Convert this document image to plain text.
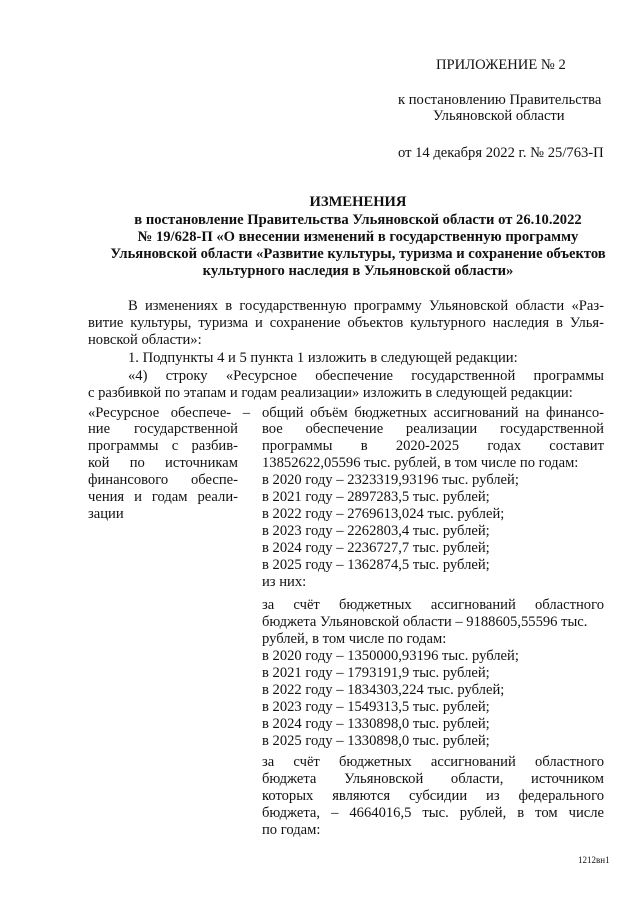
ПРИЛОЖЕНИЕ № 2
к постановлению Правительства
Ульяновской области
от 14 декабря 2022 г. № 25/763-П
ИЗМЕНЕНИЯ
в постановление Правительства Ульяновской области от 26.10.2022
№ 19/628-П «О внесении изменений в государственную программу
Ульяновской области «Развитие культуры, туризма и сохранение объектов
культурного наследия в Ульяновской области»
В изменениях в государственную программу Ульяновской области «Раз-
витие культуры, туризма и сохранение объектов культурного наследия в Улья-
новской области»:
1. Подпункты 4 и 5 пункта 1 изложить в следующей редакции:
«4) строку «Ресурсное обеспечение государственной программы
с разбивкой по этапам и годам реализации» изложить в следующей редакции:
«Ресурсное обеспече- –
ние государственной
программы с разбив-
кой по источникам
финансового обеспе-
чения и годам реали-
зации
общий объём бюджетных ассигнований на финансо-
вое обеспечение реализации государственной
программы в 2020-2025 годах составит
13852622,05596 тыс. рублей, в том числе по годам:
в 2020 году – 2323319,93196 тыс. рублей;
в 2021 году – 2897283,5 тыс. рублей;
в 2022 году – 2769613,024 тыс. рублей;
в 2023 году – 2262803,4 тыс. рублей;
в 2024 году – 2236727,7 тыс. рублей;
в 2025 году – 1362874,5 тыс. рублей;
из них:
за счёт бюджетных ассигнований областного
бюджета Ульяновской области – 9188605,55596 тыс.
рублей, в том числе по годам:
в 2020 году – 1350000,93196 тыс. рублей;
в 2021 году – 1793191,9 тыс. рублей;
в 2022 году – 1834303,224 тыс. рублей;
в 2023 году – 1549313,5 тыс. рублей;
в 2024 году – 1330898,0 тыс. рублей;
в 2025 году – 1330898,0 тыс. рублей;
за счёт бюджетных ассигнований областного
бюджета Ульяновской области, источником
которых являются субсидии из федерального
бюджета, – 4664016,5 тыс. рублей, в том числе
по годам:
1212вн1
